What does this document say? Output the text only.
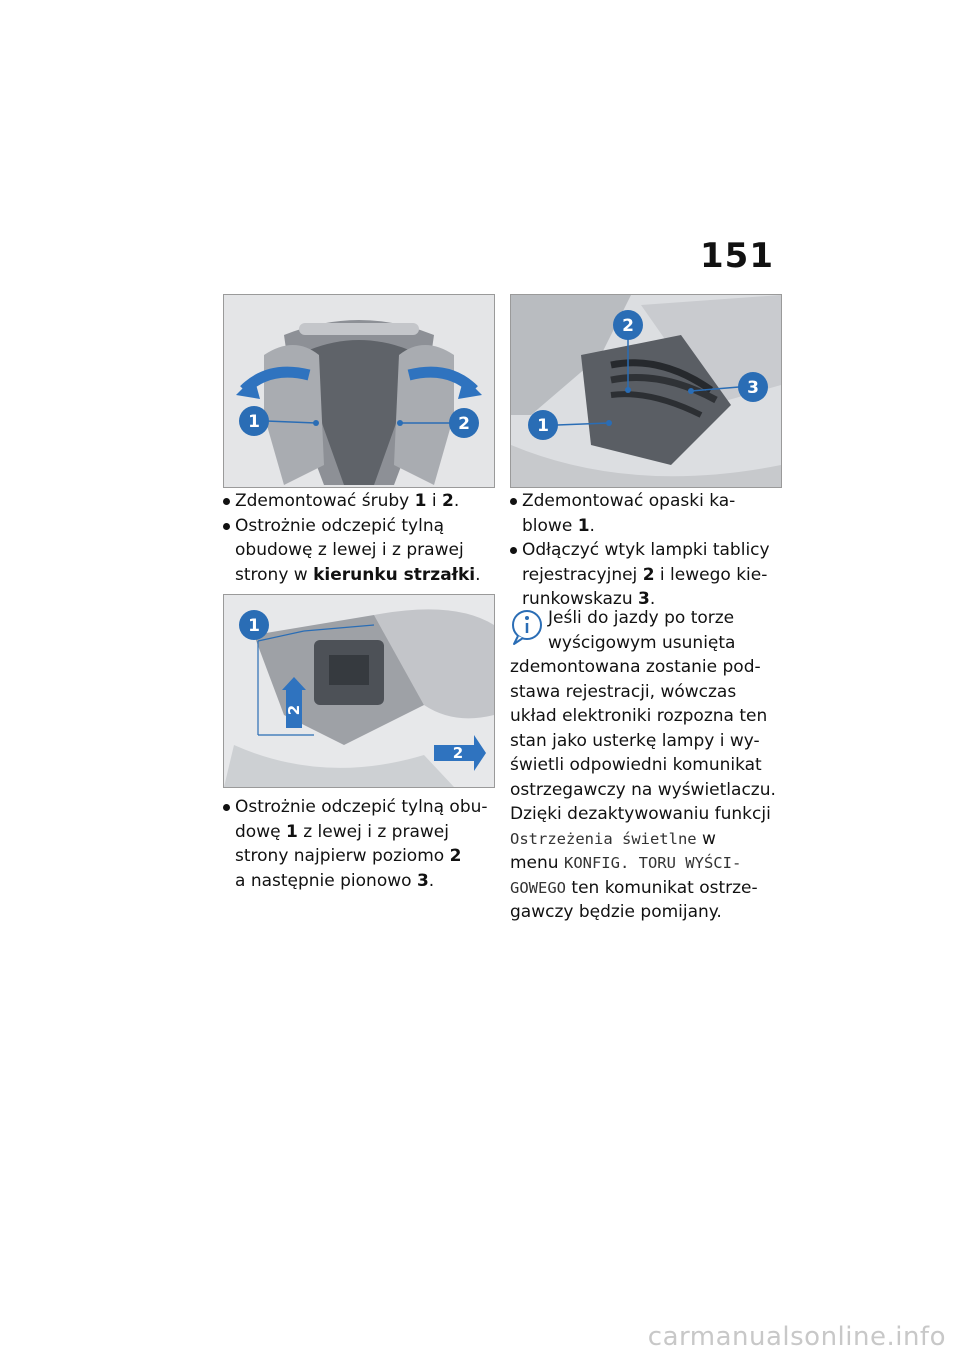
151
1	2
1
2
2
2
1
3
Zdemontować śruby 1 i 2.
Ostrożnie odczepić tylną
obudowę z lewej i z prawej
strony w kierunku strzałki.
Ostrożnie odczepić tylną obu-
dowę 1 z lewej i z prawej
strony najpierw poziomo 2
a następnie pionowo 3.
Zdemontować opaski ka-
blowe 1.
Odłączyć wtyk lampki tablicy
rejestracyjnej 2 i lewego kie-
runkowskazu 3.
Jeśli do jazdy po torze
wyścigowym usunięta
zdemontowana zostanie pod-
stawa rejestracji, wówczas
układ elektroniki rozpozna ten
stan jako usterkę lampy i wy-
świetli odpowiedni komunikat
ostrzegawczy na wyświetlaczu.
Dzięki dezaktywowaniu funkcji
Ostrzeżenia świetlne w
menu KONFIG. TORU WYŚCI-
GOWEGO ten komunikat ostrze-
gawczy będzie pomijany.
carmanualsonline.info
